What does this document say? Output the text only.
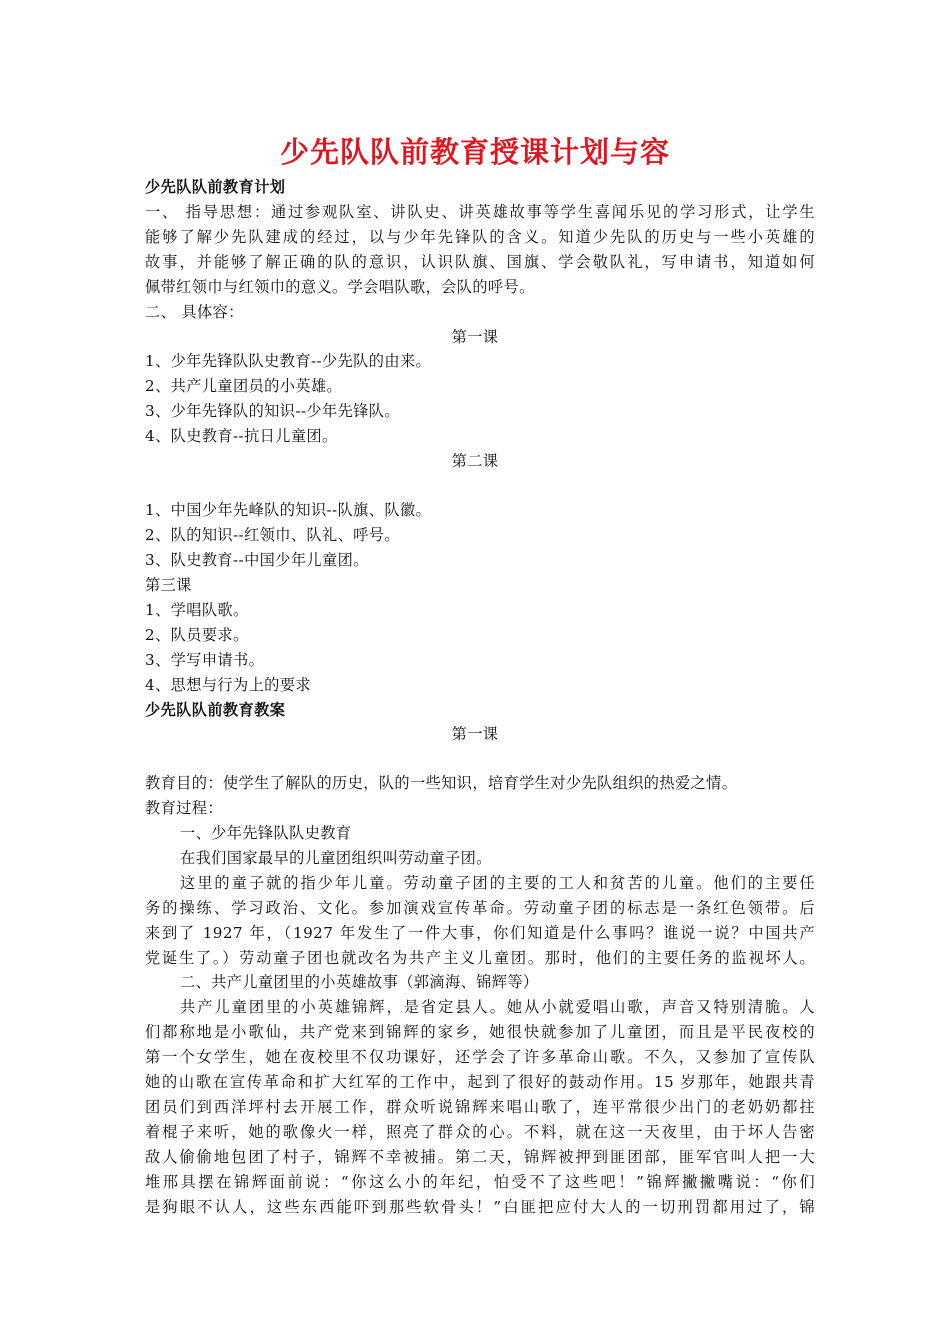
少先队队前教育授课计划与容
少先队队前教育计划
一、 指导思想：通过参观队室、讲队史、讲英雄故事等学生喜闻乐见的学习形式，让学生
能够了解少先队建成的经过，以与少年先锋队的含义。知道少先队的历史与一些小英雄的
故事，并能够了解正确的队的意识，认识队旗、国旗、学会敬队礼，写申请书，知道如何
佩带红领巾与红领巾的意义。学会唱队歌，会队的呼号。
二、 具体容：
第一课
1、少年先锋队队史教育--少先队的由来。
2、共产儿童团员的小英雄。
3、少年先锋队的知识--少年先锋队。
4、队史教育--抗日儿童团。
第二课
1、中国少年先峰队的知识--队旗、队徽。
2、队的知识--红领巾、队礼、呼号。
3、队史教育--中国少年儿童团。
第三课
1、学唱队歌。
2、队员要求。
3、学写申请书。
4、思想与行为上的要求
少先队队前教育教案
第一课
教育目的：使学生了解队的历史，队的一些知识，培育学生对少先队组织的热爱之情。
教育过程：
一、少年先锋队队史教育
在我们国家最早的儿童团组织叫劳动童子团。
这里的童子就的指少年儿童。劳动童子团的主要的工人和贫苦的儿童。他们的主要任
务的操练、学习政治、文化。参加演戏宣传革命。劳动童子团的标志是一条红色领带。后
来到了 1927 年，（1927 年发生了一件大事，你们知道是什么事吗？谁说一说？中国共产
党诞生了。）劳动童子团也就改名为共产主义儿童团。那时，他们的主要任务的监视坏人。
二、共产儿童团里的小英雄故事（郭滴海、锦辉等）
共产儿童团里的小英雄锦辉，是省定县人。她从小就爱唱山歌，声音又特别清脆。人
们都称地是小歌仙，共产党来到锦辉的家乡，她很快就参加了儿童团，而且是平民夜校的
第一个女学生，她在夜校里不仅功课好，还学会了许多革命山歌。不久，又参加了宣传队
她的山歌在宣传革命和扩大红军的工作中，起到了很好的鼓动作用。15 岁那年，她跟共青
团员们到西洋坪村去开展工作，群众听说锦辉来唱山歌了，连平常很少出门的老奶奶都拄
着棍子来听，她的歌像火一样，照亮了群众的心。不料，就在这一天夜里，由于坏人告密
敌人偷偷地包团了村子，锦辉不幸被捕。第二天，锦辉被押到匪团部，匪军官叫人把一大
堆邢具摆在锦辉面前说：“你这么小的年纪，怕受不了这些吧！”锦辉撇撇嘴说：“你们
是狗眼不认人，这些东西能吓到那些软骨头！”白匪把应付大人的一切刑罚都用过了，锦
